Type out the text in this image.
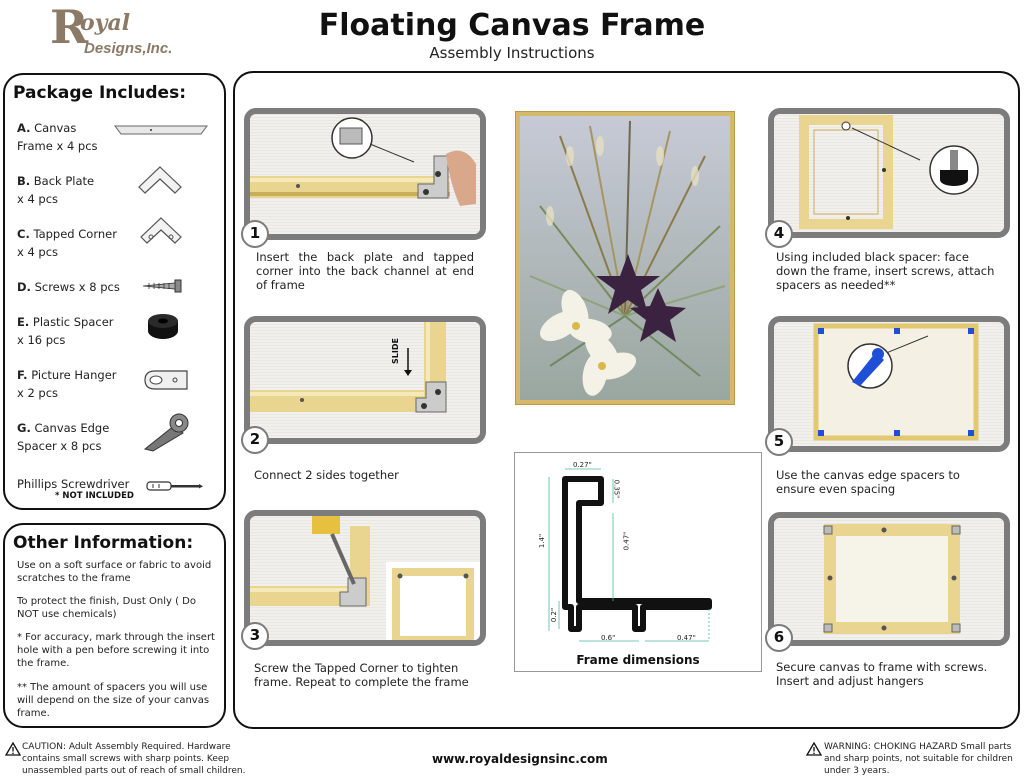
R
oyal
Designs,Inc.
Floating Canvas Frame
Assembly Instructions
Package Includes:
A. Canvas
Frame x 4 pcs
B. Back Plate
x 4 pcs
C. Tapped Corner
x 4 pcs
D. Screws x 8 pcs
E. Plastic Spacer
x 16 pcs
F. Picture Hanger
x 2 pcs
G. Canvas Edge
Spacer x 8 pcs
Phillips Screwdriver
* NOT INCLUDED
Other Information:
Use on a soft surface or fabric to avoid scratches to the frame
To protect the finish, Dust Only ( Do NOT use chemicals)
* For accuracy, mark through the insert hole with a pen before screwing it into the frame.
** The amount of spacers you will use will depend on the size of your canvas frame.
1
Insert the back plate and tapped corner into the back channel at end of frame
SLIDE
2
Connect 2 sides together
3
Screw the Tapped Corner to tighten frame. Repeat to complete the frame
0.27"
0.35"
1.4"	0.47"
0.2"
0.6"	0.47"
Frame dimensions
4
Using included black spacer: face down the frame, insert screws, attach spacers as needed**
5
Use the canvas edge spacers to ensure even spacing
6
Secure canvas to frame with screws. Insert and adjust hangers
CAUTION: Adult Assembly Required. Hardware contains small screws with sharp points. Keep unassembled parts out of reach of small children.
www.royaldesignsinc.com
WARNING: CHOKING HAZARD Small parts and sharp points, not suitable for children under 3 years.
